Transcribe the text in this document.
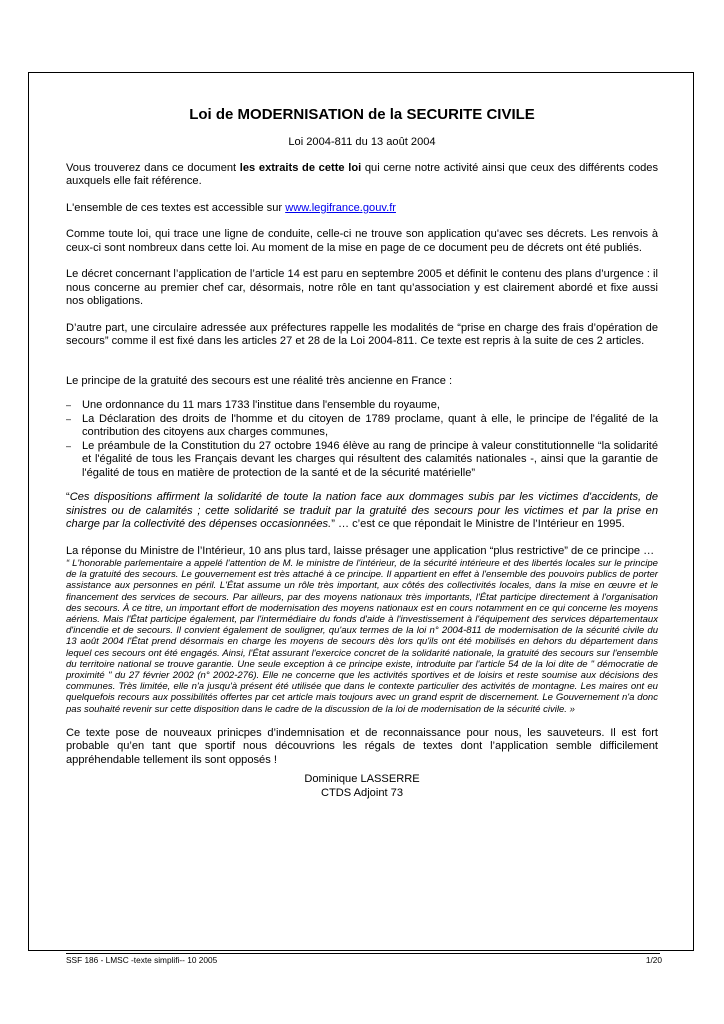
Loi de MODERNISATION de la SECURITE CIVILE
Loi 2004-811 du 13 août 2004

Vous trouverez dans ce document les extraits de cette loi qui cerne notre activité ainsi que ceux des différents codes auxquels elle fait référence.

L'ensemble de ces textes est accessible sur www.legifrance.gouv.fr

Comme toute loi, qui trace une ligne de conduite, celle-ci ne trouve son application qu'avec ses décrets. Les renvois à ceux-ci sont nombreux dans cette loi. Au moment de la mise en page de ce document peu de décrets ont été publiés.

Le décret concernant l’application de l’article 14 est paru en septembre 2005 et définit le contenu des plans d’urgence : il nous concerne au premier chef car, désormais, notre rôle en tant qu’association y est clairement abordé et fixe aussi nos obligations.

D’autre part, une circulaire adressée aux préfectures rappelle les modalités de “prise en charge des frais d’opération de secours” comme il est fixé dans les articles 27 et 28 de la Loi 2004-811. Ce texte est repris à la suite de ces 2 articles.

Le principe de la gratuité des secours est une réalité très ancienne en France :

– Une ordonnance du 11 mars 1733 l'institue dans l'ensemble du royaume,
– La Déclaration des droits de l'homme et du citoyen de 1789 proclame, quant à elle, le principe de l'égalité de la contribution des citoyens aux charges communes,
– Le préambule de la Constitution du 27 octobre 1946 élève au rang de principe à valeur constitutionnelle “la solidarité et l'égalité de tous les Français devant les charges qui résultent des calamités nationales -, ainsi que la garantie de l'égalité de tous en matière de protection de la santé et de la sécurité matérielle”

“Ces dispositions affirment la solidarité de toute la nation face aux dommages subis par les victimes d'accidents, de sinistres ou de calamités ; cette solidarité se traduit par la gratuité des secours pour les victimes et par la prise en charge par la collectivité des dépenses occasionnées.” … c’est ce que répondait le Ministre de l’Intérieur en 1995.

La réponse du Ministre de l’Intérieur, 10 ans plus tard, laisse présager une application “plus restrictive” de ce principe …

“ L'honorable parlementaire a appelé l'attention de M. le ministre de l'intérieur, de la sécurité intérieure et des libertés locales sur le principe de la gratuité des secours. Le gouvernement est très attaché à ce principe. Il appartient en effet à l'ensemble des pouvoirs publics de porter assistance aux personnes en péril. L'État assume un rôle très important, aux côtés des collectivités locales, dans la mise en œuvre et le financement des services de secours. Par ailleurs, par des moyens nationaux très importants, l'État participe directement à l'organisation des secours. À ce titre, un important effort de modernisation des moyens nationaux est en cours notamment en ce qui concerne les moyens aériens. Mais l'État participe également, par l'intermédiaire du fonds d'aide à l'investissement à l'équipement des services départementaux d'incendie et de secours. Il convient également de souligner, qu'aux termes de la loi n° 2004-811 de modernisation de la sécurité civile du 13 août 2004 l'État prend désormais en charge les moyens de secours dès lors qu'ils ont été mobilisés en dehors du département dans lequel ces secours ont été engagés. Ainsi, l'État assurant l'exercice concret de la solidarité nationale, la gratuité des secours sur l'ensemble du territoire national se trouve garantie. Une seule exception à ce principe existe, introduite par l'article 54 de la loi dite de " démocratie de proximité " du 27 février 2002 (n° 2002-276). Elle ne concerne que les activités sportives et de loisirs et reste soumise aux décisions des communes. Très limitée, elle n'a jusqu'à présent été utilisée que dans le contexte particulier des activités de montagne. Les maires ont eu quelquefois recours aux possibilités offertes par cet article mais toujours avec un grand esprit de discernement. Le Gouvernement n'a donc pas souhaité revenir sur cette disposition dans le cadre de la discussion de la loi de modernisation de la sécurité civile. »

Ce texte pose de nouveaux prinicpes d’indemnisation et de reconnaissance pour nous, les sauveteurs. Il est fort probable qu’en tant que sportif nous découvrions les régals de textes dont l’application semble difficilement appréhendable tellement ils sont opposés !

Dominique LASSERRE

CTDS Adjoint 73

SSF 186 - LMSC -texte simplifi-- 10 2005	1/20
